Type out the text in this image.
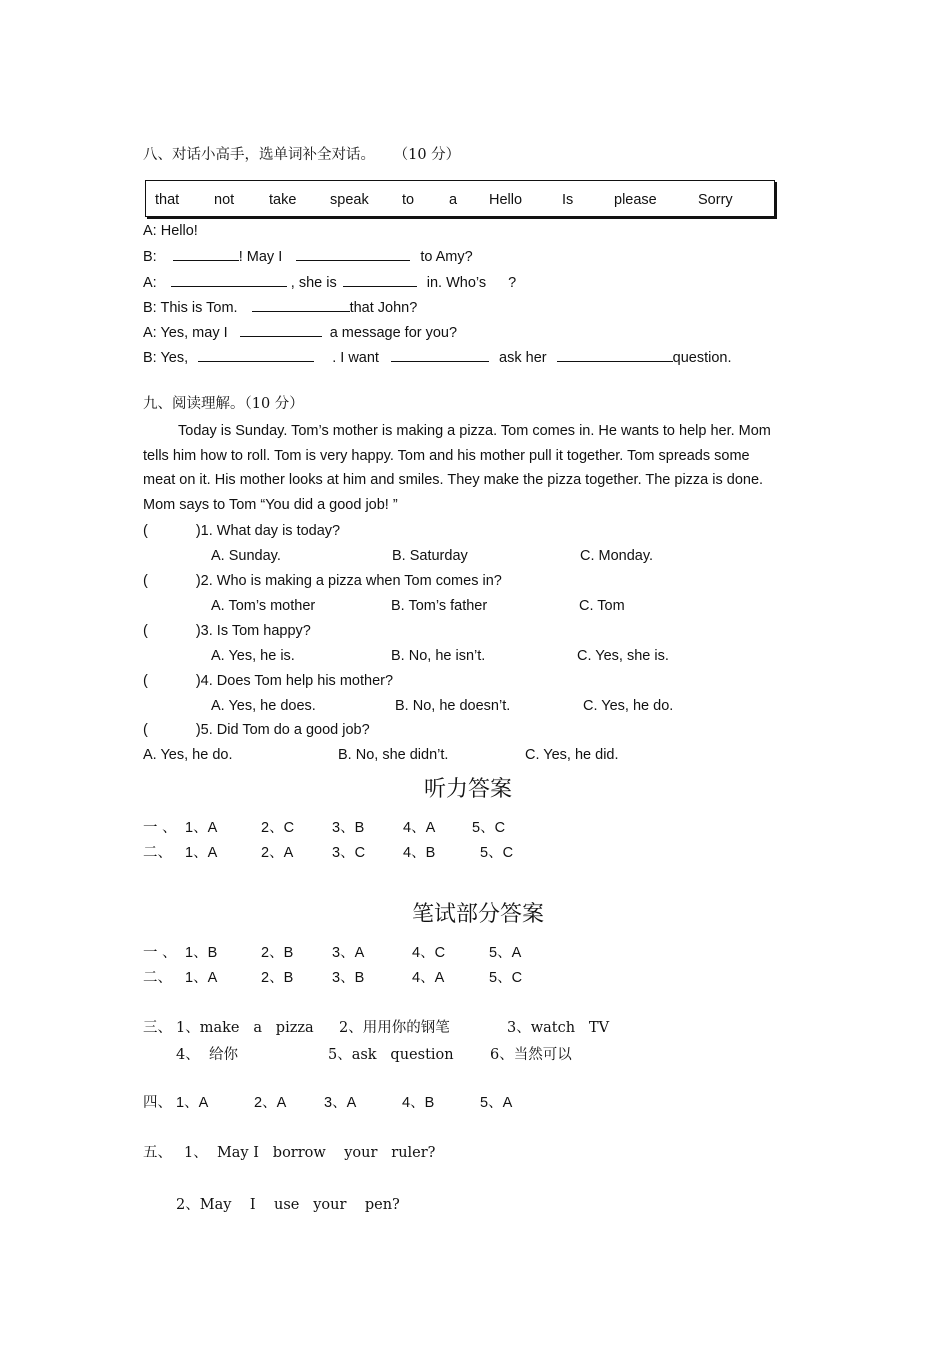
八、对话小高手，选单词补全对话。 （10 分）
that not take speak to a Hello	Is	please	Sorry
A: Hello!
B:	! May I	to Amy?
A:	, she is	in. Who’s ?
B: This is Tom.	that John?
A: Yes, may I	a message for you?
B: Yes,	. I want	ask her	question.
九、阅读理解。（10 分）
Today is Sunday. Tom’s mother is making a pizza. Tom comes in. He wants to help her. Mom
tells him how to roll. Tom is very happy. Tom and his mother pull it together. Tom spreads some
meat on it. His mother looks at him and smiles. They make the pizza together. The pizza is done.
Mom says to Tom “You did a good job! ”
(	)1. What day is today?
A. Sunday.	B. Saturday	C. Monday.
(	)2. Who is making a pizza when Tom comes in?
A. Tom’s mother	B. Tom’s father	C. Tom
(	)3. Is Tom happy?
A. Yes, he is.	B. No, he isn’t.	C. Yes, she is.
(	)4. Does Tom help his mother?
A. Yes, he does.	B. No, he doesn’t.	C. Yes, he do.
(	)5. Did Tom do a good job?
A. Yes, he do.	B. No, she didn’t.	C. Yes, he did.
听力答案
一 、 1、A	2、C	3、B	4、A	5、C
二、 1、A	2、A	3、C	4、B	5、C
笔试部分答案
一 、 1、B	2、B	3、A	4、C	5、A
二、 1、A	2、B	3、B	4、A	5、C
三、 1、make   a   pizza 2、用用你的钢笔	3、watch   TV
4、  给你	5、ask   question	6、当然可以
四、 1、A	2、A	3、A	4、B	5、A
五、 1、  May I   borrow    your   ruler?
2、May    I    use   your    pen?
